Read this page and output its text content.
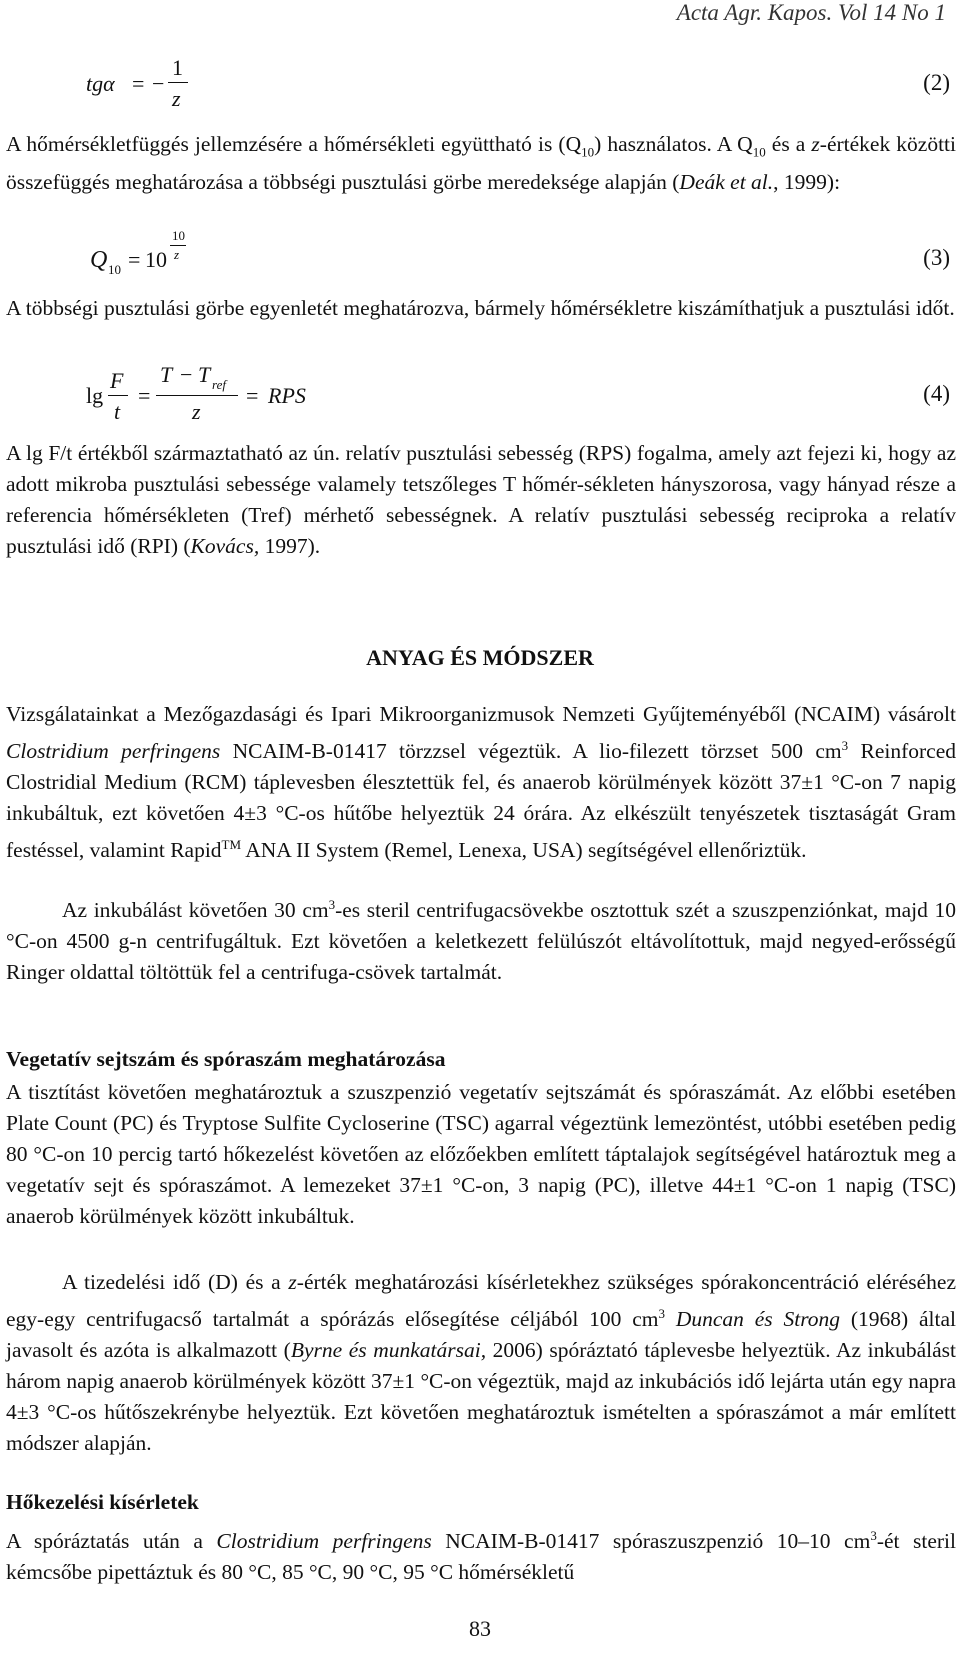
Acta Agr. Kapos. Vol 14 No 1
tgα = −
1
z
(2)
A hőmérsékletfüggés jellemzésére a hőmérsékleti együttható is $(Q_{10})$ használatos. A $Q_{10}$ és a z-értékek közötti összefüggés meghatározása a többségi pusztulási görbe meredeksége alapján (Deák et al., 1999):
Q 10 = 10
10
z	(3)
A többségi pusztulási görbe egyenletét meghatározva, bármely hőmérsékletre kiszámíthatjuk a pusztulási időt.
lg
F
t
=
T − T ref
z
= RPS	(4)
A lg F/t értékből származtatható az ún. relatív pusztulási sebesség (RPS) fogalma, amely azt fejezi ki, hogy az adott mikroba pusztulási sebessége valamely tetszőleges T hőmér-sékleten hányszorosa, vagy hányad része a referencia hőmérsékleten (Tref) mérhető sebességnek. A relatív pusztulási sebesség reciproka a relatív pusztulási idő (RPI) (Kovács, 1997).
ANYAG ÉS MÓDSZER
Vizsgálatainkat a Mezőgazdasági és Ipari Mikroorganizmusok Nemzeti Gyűjteményéből (NCAIM) vásárolt Clostridium perfringens NCAIM-B-01417 törzzsel végeztük. A lio-filezett törzset 500 $cm^3$ Reinforced Clostridial Medium (RCM) táplevesben élesztettük fel, és anaerob körülmények között 37±1 °C-on 7 napig inkubáltuk, ezt követően 4±3 °C-os hűtőbe helyeztük 24 órára. Az elkészült tenyészetek tisztaságát Gram festéssel, valamint Rapid™ ANA II System (Remel, Lenexa, USA) segítségével ellenőriztük.
Az inkubálást követően 30 $cm^3-es$ steril centrifugacsövekbe osztottuk szét a szuszpenziónkat, majd 10 °C-on 4500 g-n centrifugáltuk. Ezt követően a keletkezett felülúszót eltávolítottuk, majd negyed-erősségű Ringer oldattal töltöttük fel a centrifuga-csövek tartalmát.
Vegetatív sejtszám és spóraszám meghatározása
A tisztítást követően meghatároztuk a szuszpenzió vegetatív sejtszámát és spóraszámát. Az előbbi esetében Plate Count (PC) és Tryptose Sulfite Cycloserine (TSC) agarral végeztünk lemezöntést, utóbbi esetében pedig 80 °C-on 10 percig tartó hőkezelést követően az előzőekben említett táptalajok segítségével határoztuk meg a vegetatív sejt és spóraszámot. A lemezeket 37±1 °C-on, 3 napig (PC), illetve 44±1 °C-on 1 napig (TSC) anaerob körülmények között inkubáltuk.
A tizedelési idő (D) és a z-érték meghatározási kísérletekhez szükséges spórakoncentráció eléréséhez egy-egy centrifugacső tartalmát a spórázás elősegítése céljából 100 $cm^3$ Duncan és Strong (1968) által javasolt és azóta is alkalmazott (Byrne és munkatársai, 2006) spóráztató táplevesbe helyeztük. Az inkubálást három napig anaerob körülmények között 37±1 °C-on végeztük, majd az inkubációs idő lejárta után egy napra 4±3 °C-os hűtőszekrénybe helyeztük. Ezt követően meghatároztuk ismételten a spóraszámot a már említett módszer alapján.
Hőkezelési kísérletek
A spóráztatás után a Clostridium perfringens NCAIM-B-01417 spóraszuszpenzió 10–10 $cm^3-ét$ steril kémcsőbe pipettáztuk és 80 °C, 85 °C, 90 °C, 95 °C hőmérsékletű
83
